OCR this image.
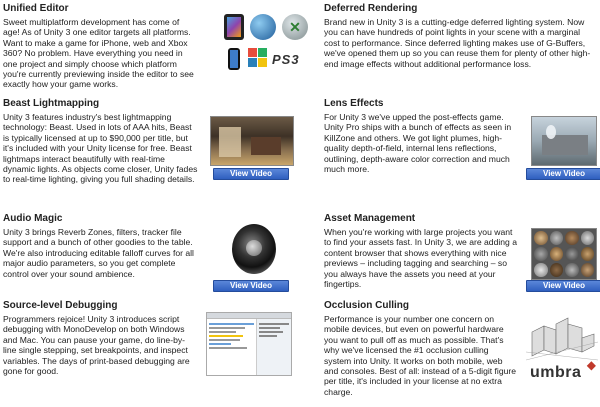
Unified Editor

Sweet multiplatform development has come of age! As of Unity 3 one editor targets all platforms. Want to make a game for iPhone, web and Xbox 360? No problem. Have everything you need in one project and simply choose which platform you're currently previewing inside the editor to see exactly how your game works.

✕
PS3
Deferred Rendering

Brand new in Unity 3 is a cutting-edge deferred lighting system. Now you can have hundreds of point lights in your scene with a marginal cost to performance. Since deferred lighting makes use of G-Buffers, we've opened them up so you can reuse them for plenty of other high-end image effects without additional performance loss.

Beast Lightmapping

Unity 3 features industry's best lightmapping technology: Beast. Used in lots of AAA hits, Beast is typically licensed at up to $90,000 per title, but it's included with your Unity license for free. Beast lightmaps interact beautifully with real-time dynamic lights. As objects come closer, Unity fades to real-time lighting, giving you full shading details.

View Video
Lens Effects

For Unity 3 we've upped the post-effects game. Unity Pro ships with a bunch of effects as seen in KillZone and others. We got light plumes, high-quality depth-of-field, internal lens reflections, outlining, depth-aware color correction and much much more.	View Video
Audio Magic

Unity 3 brings Reverb Zones, filters, tracker file support and a bunch of other goodies to the table. We're also introducing editable falloff curves for all major audio parameters, so you get complete control over your sound ambience.

View Video
Asset Management

When you're working with large projects you want to find your assets fast. In Unity 3, we are adding a content browser that shows everything with nice previews – including tagging and searching – so you always have the assets you need at your fingertips.	View Video
Source-level Debugging

Programmers rejoice! Unity 3 introduces script debugging with MonoDevelop on both Windows and Mac. You can pause your game, do line-by-line single stepping, set breakpoints, and inspect variables. The days of print-based debugging are gone for good.

Occlusion Culling

Performance is your number one concern on mobile devices, but even on powerful hardware you want to pull off as much as possible. That's why we've licensed the #1 occlusion culling system into Unity. It works on both mobile, web and consoles. Best of all: instead of a 5-digit figure per title, it's included in your license at no extra charge.

umbra ◆
